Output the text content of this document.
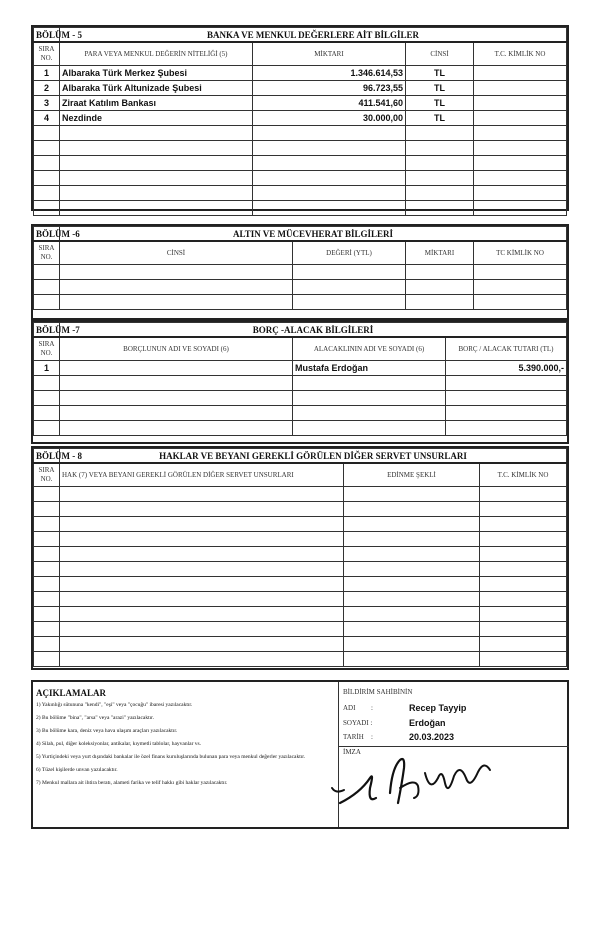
BÖLÜM - 5	BANKA VE MENKUL DEĞERLERE AİT BİLGİLER			
SIRA NO.	PARA VEYA MENKUL DEĞERİN NİTELİĞİ (5)	MİKTARI	CİNSİ	T.C. KİMLİK NO
1	Albaraka Türk Merkez Şubesi	1.346.614,53	TL	
2	Albaraka Türk Altunizade Şubesi	96.723,55	TL	
3	Ziraat Katılım Bankası	411.541,60	TL	
4	Nezdinde	30.000,00	TL	

BÖLÜM -6	ALTIN VE MÜCEVHERAT BİLGİLERİ			
SIRA NO.	CİNSİ	DEĞERİ (YTL)	MİKTARI	TC KİMLİK NO

BÖLÜM -7	BORÇ -ALACAK BİLGİLERİ		
SIRA NO.	BORÇLUNUN ADI VE SOYADI (6)	ALACAKLININ ADI VE SOYADI (6)	BORÇ / ALACAK TUTARI (TL)
1		Mustafa Erdoğan	5.390.000,-

BÖLÜM - 8	HAKLAR VE BEYANI GEREKLİ GÖRÜLEN DİĞER SERVET UNSURLARI		
SIRA NO.	HAK (7) VEYA BEYANI GEREKLİ GÖRÜLEN DİĞER SERVET UNSURLARI	EDİNME ŞEKLİ	T.C. KİMLİK NO

AÇIKLAMALAR
1) Yakınlığı sütununa "kendi", "eşi" veya "çocuğu" ibaresi yazılacaktır.
2) Bu bölüme "bina", "arsa" veya "arazi" yazılacaktır.
3) Bu bölüme kara, deniz veya hava ulaşım araçları yazılacaktır.
4) Silah, pul, diğer koleksiyonlar, antikalar, kıymetli tablolar, hayvanlar vs.
5) Yurtiçindeki veya yurt dışındaki bankalar ile özel finans kuruluşlarında bulunan para veya menkul değerler yazılacaktır.
6) Tüzel kişilerde unvan yazılacaktır.
7) Menkul mallara ait ihtira beratı, alameti farika ve telif hakkı gibi haklar yazılacaktır.
BİLDİRİM SAHİBİNİN
ADI :	Recep Tayyip
SOYADI :	Erdoğan
TARİH :	20.03.2023
İMZA
